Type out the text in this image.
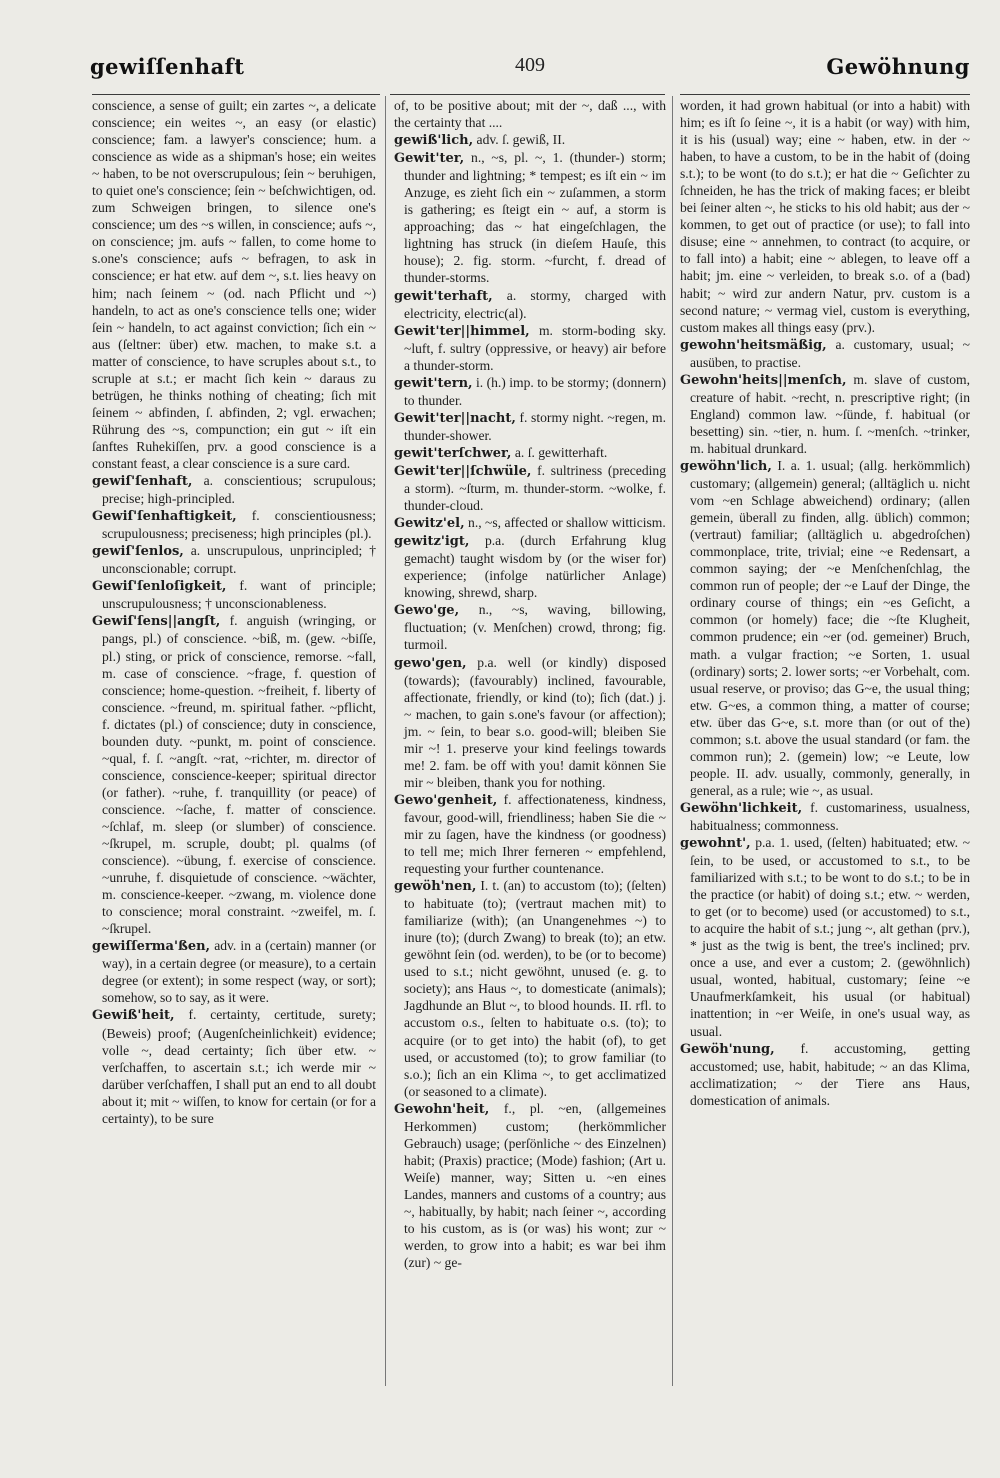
gewiſſenhaft	409	Gewöhnung

conscience, a sense of guilt; ein zartes ~, a delicate conscience; ein weites ~, an easy (or elastic) conscience; fam. a lawyer's conscience; hum. a conscience as wide as a shipman's hose; ein weites ~ haben, to be not overscrupulous; ſein ~ beruhigen, to quiet one's conscience; ſein ~ beſchwichtigen, od. zum Schweigen bringen, to silence one's conscience; um des ~s willen, in conscience; aufs ~, on conscience; jm. aufs ~ fallen, to come home to s.one's conscience; aufs ~ befragen, to ask in conscience; er hat etw. auf dem ~, s.t. lies heavy on him; nach ſeinem ~ (od. nach Pflicht und ~) handeln, to act as one's conscience tells one; wider ſein ~ handeln, to act against conviction; ſich ein ~ aus (ſeltner: über) etw. machen, to make s.t. a matter of conscience, to have scruples about s.t., to scruple at s.t.; er macht ſich kein ~ daraus zu betrügen, he thinks nothing of cheating; ſich mit ſeinem ~ abfinden, ſ. abfinden, 2; vgl. erwachen; Rührung des ~s, compunction; ein gut ~ iſt ein ſanftes Ruhekiſſen, prv. a good conscience is a constant feast, a clear conscience is a sure card.

gewiſ'ſenhaft, a. conscientious; scrupulous; precise; high-principled.

Gewiſ'ſenhaftigkeit, f. conscientiousness; scrupulousness; preciseness; high principles (pl.).

gewiſ'ſenlos, a. unscrupulous, unprincipled; † unconscionable; corrupt.

Gewiſ'ſenloſigkeit, f. want of principle; unscrupulousness; † unconscionableness.

Gewiſ'ſens||angſt, f. anguish (wringing, or pangs, pl.) of conscience. ~biß, m. (gew. ~biſſe, pl.) sting, or prick of conscience, remorse. ~fall, m. case of conscience. ~frage, f. question of conscience; home-question. ~freiheit, f. liberty of conscience. ~freund, m. spiritual father. ~pflicht, f. dictates (pl.) of conscience; duty in conscience, bounden duty. ~punkt, m. point of conscience. ~qual, f. ſ. ~angſt. ~rat, ~richter, m. director of conscience, conscience-keeper; spiritual director (or father). ~ruhe, f. tranquillity (or peace) of conscience. ~ſache, f. matter of conscience. ~ſchlaf, m. sleep (or slumber) of conscience. ~ſkrupel, m. scruple, doubt; pl. qualms (of conscience). ~übung, f. exercise of conscience. ~unruhe, f. disquietude of conscience. ~wächter, m. conscience-keeper. ~zwang, m. violence done to conscience; moral constraint. ~zweifel, m. ſ. ~ſkrupel.

gewiſſerma'ßen, adv. in a (certain) manner (or way), in a certain degree (or measure), to a certain degree (or extent); in some respect (way, or sort); somehow, so to say, as it were.

Gewiß'heit, f. certainty, certitude, surety; (Beweis) proof; (Augenſcheinlichkeit) evidence; volle ~, dead certainty; ſich über etw. ~ verſchaffen, to ascertain s.t.; ich werde mir ~ darüber verſchaffen, I shall put an end to all doubt about it; mit ~ wiſſen, to know for certain (or for a certainty), to be sure

of, to be positive about; mit der ~, daß ..., with the certainty that ....

gewiß'lich, adv. ſ. gewiß, II.

Gewit'ter, n., ~s, pl. ~, 1. (thunder-) storm; thunder and lightning; * tempest; es iſt ein ~ im Anzuge, es zieht ſich ein ~ zuſammen, a storm is gathering; es ſteigt ein ~ auf, a storm is approaching; das ~ hat eingeſchlagen, the lightning has struck (in dieſem Hauſe, this house); 2. fig. storm. ~furcht, f. dread of thunder-storms.

gewit'terhaft, a. stormy, charged with electricity, electric(al).

Gewit'ter||himmel, m. storm-boding sky. ~luft, f. sultry (oppressive, or heavy) air before a thunder-storm.

gewit'tern, i. (h.) imp. to be stormy; (donnern) to thunder.

Gewit'ter||nacht, f. stormy night. ~regen, m. thunder-shower.

gewit'terſchwer, a. ſ. gewitterhaft.

Gewit'ter||ſchwüle, f. sultriness (preceding a storm). ~ſturm, m. thunder-storm. ~wolke, f. thunder-cloud.

Gewitz'el, n., ~s, affected or shallow witticism.

gewitz'igt, p.a. (durch Erfahrung klug gemacht) taught wisdom by (or the wiser for) experience; (infolge natürlicher Anlage) knowing, shrewd, sharp.

Gewo'ge, n., ~s, waving, billowing, fluctuation; (v. Menſchen) crowd, throng; fig. turmoil.

gewo'gen, p.a. well (or kindly) disposed (towards); (favourably) inclined, favourable, affectionate, friendly, or kind (to); ſich (dat.) j. ~ machen, to gain s.one's favour (or affection); jm. ~ ſein, to bear s.o. good-will; bleiben Sie mir ~! 1. preserve your kind feelings towards me! 2. fam. be off with you! damit können Sie mir ~ bleiben, thank you for nothing.

Gewo'genheit, f. affectionateness, kindness, favour, good-will, friendliness; haben Sie die ~ mir zu ſagen, have the kindness (or goodness) to tell me; mich Ihrer ferneren ~ empfehlend, requesting your further countenance.

gewöh'nen, I. t. (an) to accustom (to); (ſelten) to habituate (to); (vertraut machen mit) to familiarize (with); (an Unangenehmes ~) to inure (to); (durch Zwang) to break (to); an etw. gewöhnt ſein (od. werden), to be (or to become) used to s.t.; nicht gewöhnt, unused (e. g. to society); ans Haus ~, to domesticate (animals); Jagdhunde an Blut ~, to blood hounds. II. rfl. to accustom o.s., ſelten to habituate o.s. (to); to acquire (or to get into) the habit (of), to get used, or accustomed (to); to grow familiar (to s.o.); ſich an ein Klima ~, to get acclimatized (or seasoned to a climate).

Gewohn'heit, f., pl. ~en, (allgemeines Herkommen) custom; (herkömmlicher Gebrauch) usage; (perſönliche ~ des Einzelnen) habit; (Praxis) practice; (Mode) fashion; (Art u. Weiſe) manner, way; Sitten u. ~en eines Landes, manners and customs of a country; aus ~, habitually, by habit; nach ſeiner ~, according to his custom, as is (or was) his wont; zur ~ werden, to grow into a habit; es war bei ihm (zur) ~ ge-

worden, it had grown habitual (or into a habit) with him; es iſt ſo ſeine ~, it is a habit (or way) with him, it is his (usual) way; eine ~ haben, etw. in der ~ haben, to have a custom, to be in the habit of (doing s.t.); to be wont (to do s.t.); er hat die ~ Geſichter zu ſchneiden, he has the trick of making faces; er bleibt bei ſeiner alten ~, he sticks to his old habit; aus der ~ kommen, to get out of practice (or use); to fall into disuse; eine ~ annehmen, to contract (to acquire, or to fall into) a habit; eine ~ ablegen, to leave off a habit; jm. eine ~ verleiden, to break s.o. of a (bad) habit; ~ wird zur andern Natur, prv. custom is a second nature; ~ vermag viel, custom is everything, custom makes all things easy (prv.).

gewohn'heitsmäßig, a. customary, usual; ~ ausüben, to practise.

Gewohn'heits||menſch, m. slave of custom, creature of habit. ~recht, n. prescriptive right; (in England) common law. ~ſünde, f. habitual (or besetting) sin. ~tier, n. hum. ſ. ~menſch. ~trinker, m. habitual drunkard.

gewöhn'lich, I. a. 1. usual; (allg. herkömmlich) customary; (allgemein) general; (alltäglich u. nicht vom ~en Schlage abweichend) ordinary; (allen gemein, überall zu finden, allg. üblich) common; (vertraut) familiar; (alltäglich u. abgedroſchen) commonplace, trite, trivial; eine ~e Redensart, a common saying; der ~e Menſchenſchlag, the common run of people; der ~e Lauf der Dinge, the ordinary course of things; ein ~es Geſicht, a common (or homely) face; die ~ſte Klugheit, common prudence; ein ~er (od. gemeiner) Bruch, math. a vulgar fraction; ~e Sorten, 1. usual (ordinary) sorts; 2. lower sorts; ~er Vorbehalt, com. usual reserve, or proviso; das G~e, the usual thing; etw. G~es, a common thing, a matter of course; etw. über das G~e, s.t. more than (or out of the) common; s.t. above the usual standard (or fam. the common run); 2. (gemein) low; ~e Leute, low people. II. adv. usually, commonly, generally, in general, as a rule; wie ~, as usual.

Gewöhn'lichkeit, f. customariness, usualness, habitualness; commonness.

gewohnt', p.a. 1. used, (ſelten) habituated; etw. ~ ſein, to be used, or accustomed to s.t., to be familiarized with s.t.; to be wont to do s.t.; to be in the practice (or habit) of doing s.t.; etw. ~ werden, to get (or to become) used (or accustomed) to s.t., to acquire the habit of s.t.; jung ~, alt gethan (prv.), * just as the twig is bent, the tree's inclined; prv. once a use, and ever a custom; 2. (gewöhnlich) usual, wonted, habitual, customary; ſeine ~e Unaufmerkſamkeit, his usual (or habitual) inattention; in ~er Weiſe, in one's usual way, as usual.

Gewöh'nung, f. accustoming, getting accustomed; use, habit, habitude; ~ an das Klima, acclimatization; ~ der Tiere ans Haus, domestication of animals.
